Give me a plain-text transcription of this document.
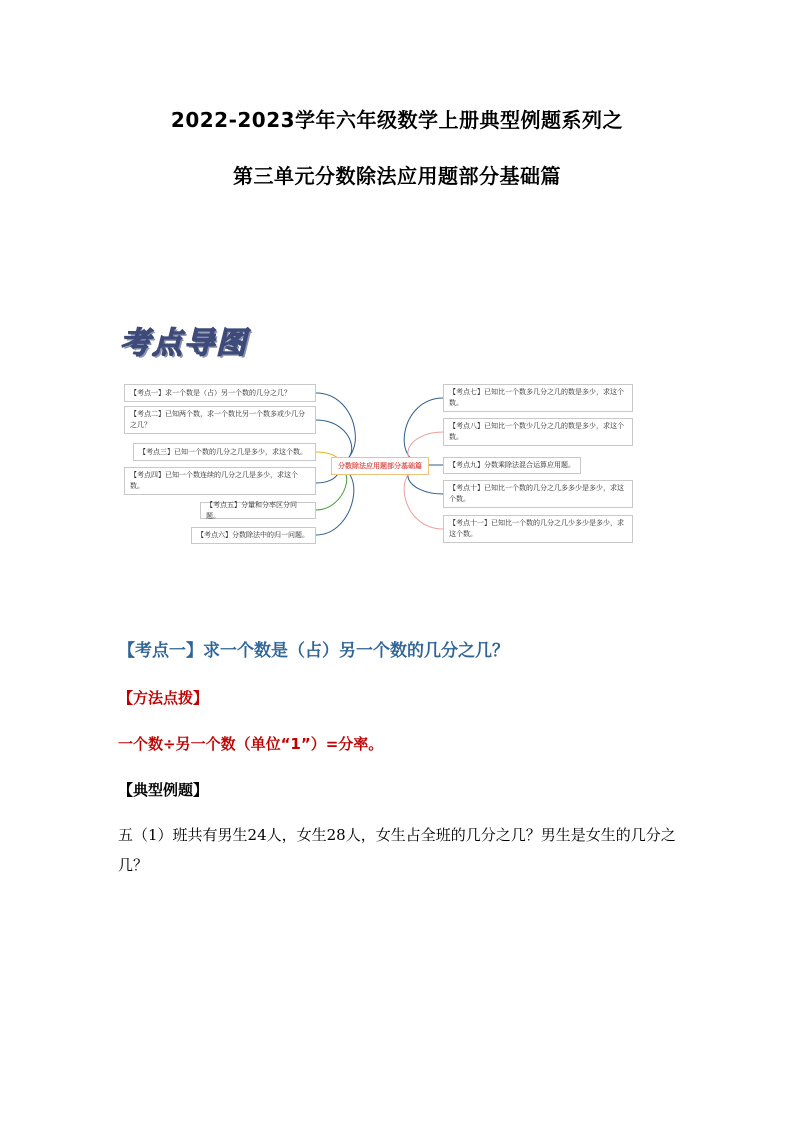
2022-2023学年六年级数学上册典型例题系列之
第三单元分数除法应用题部分基础篇
考点导图
分数除法应用题部分基础篇
【考点一】求一个数是（占）另一个数的几分之几？
【考点二】已知两个数，求一个数比另一个数多或少几分之几？
【考点三】已知一个数的几分之几是多少，求这个数。
【考点四】已知一个数连续的几分之几是多少，求这个数。
【考点五】分量和分率区分问题。
【考点六】分数除法中的归一问题。
【考点七】已知比一个数多几分之几的数是多少，求这个数。
【考点八】已知比一个数少几分之几的数是多少，求这个数。
【考点九】分数乘除法混合运算应用题。
【考点十】已知比一个数的几分之几多多少是多少，求这个数。
【考点十一】已知比一个数的几分之几少多少是多少，求这个数。
【考点一】求一个数是（占）另一个数的几分之几？
【方法点拨】
一个数÷另一个数（单位“1”）=分率。
【典型例题】
五（1）班共有男生24人，女生28人，女生占全班的几分之几？男生是女生的几分之几？
